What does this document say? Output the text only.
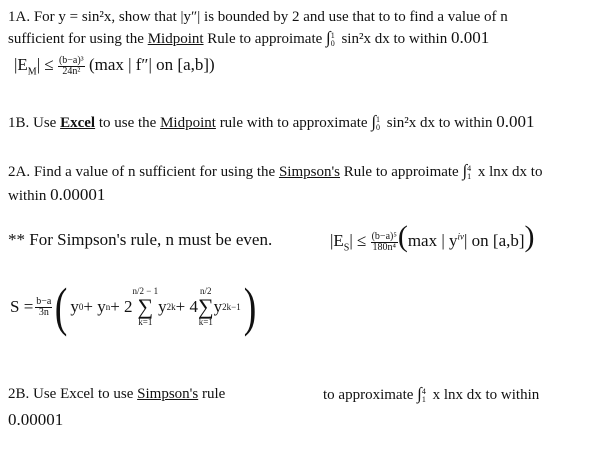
1A. For y = sin²x, show that |y″| is bounded by 2 and use that to to find a value of n
sufficient for using the Midpoint Rule to approimate ∫ 1
0 sin²x dx to within 0.001
$|E_M| \le \frac{\text{(b−a)³}}{\text{24n²}} (\max$ | f″| on [a,b])
1B. Use Excel to use the Midpoint rule with to approximate ∫ 1
0 sin²x dx to within 0.001
2A. Find a value of n sufficient for using the Simpson's Rule to approimate ∫ 4
1 x lnx dx to
within 0.00001
** For Simpson's rule, n must be even.	$|E_S| \le \frac{\text{(b−a)⁵}}{\text{180n⁴}} (\max$ | $y^{iv}|$ on [a,b])
$S = \frac{b-a}{3n}$ ( y 0 + y n + 2
n/2 − 1
∑
k=1
y 2k + 4
n/2
∑
k=1
y 2k−1 )
2B. Use Excel to use Simpson's rule	to approximate ∫ 4
1 x lnx dx to within
0.00001
